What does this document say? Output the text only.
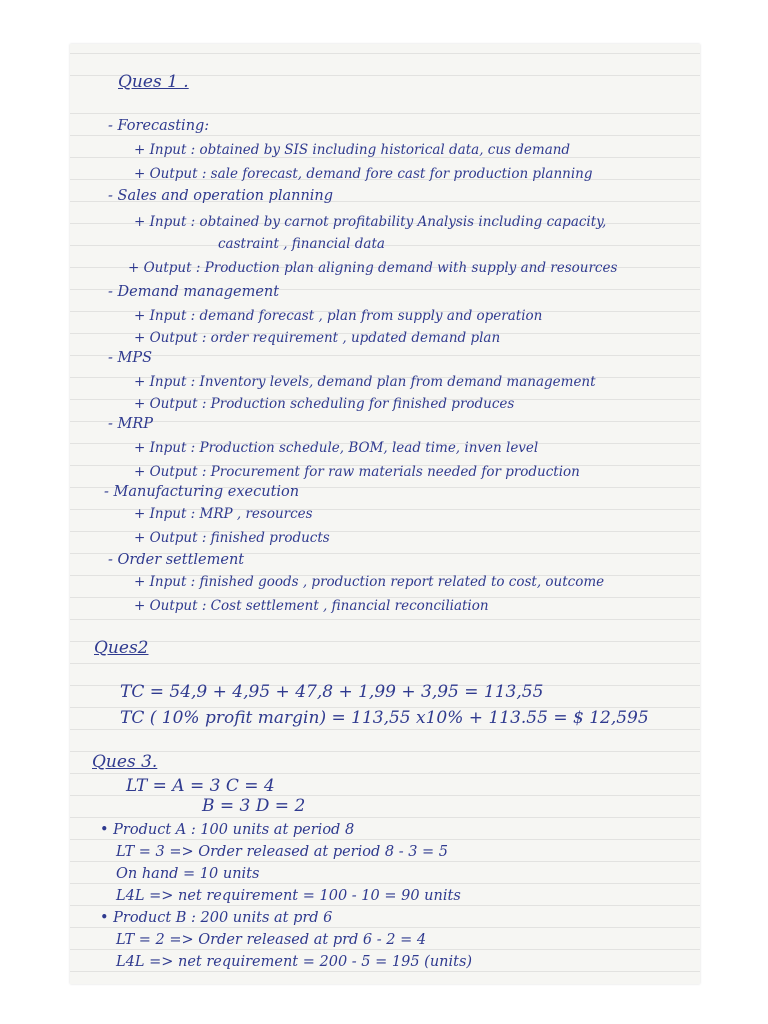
Ques 1 .
- Forecasting:
+ Input : obtained by SIS including historical data, cus demand
+ Output : sale forecast, demand fore cast for production planning
- Sales and operation planning
+ Input : obtained by carnot profitability Analysis including capacity,
castraint , financial data
+ Output : Production plan aligning demand with supply and resources
- Demand management
+ Input : demand forecast , plan from supply and operation
+ Output : order requirement , updated demand plan
- MPS
+ Input : Inventory levels, demand plan from demand management
+ Output : Production scheduling for finished produces
- MRP
+ Input : Production schedule, BOM, lead time, inven level
+ Output : Procurement for raw materials needed for production
- Manufacturing execution
+ Input : MRP , resources
+ Output : finished products
- Order settlement
+ Input : finished goods , production report related to cost, outcome
+ Output : Cost settlement , financial reconciliation
Ques2
TC = 54,9 + 4,95 + 47,8 + 1,99 + 3,95 = 113,55
TC ( 10% profit margin) = 113,55 x10% + 113.55 = $ 12,595
Ques 3.
LT = A = 3 C = 4
B = 3 D = 2
• Product A : 100 units at period 8
LT = 3 => Order released at period 8 - 3 = 5
On hand = 10 units
L4L => net requirement = 100 - 10 = 90 units
• Product B : 200 units at prd 6
LT = 2 => Order released at prd 6 - 2 = 4
L4L => net requirement = 200 - 5 = 195 (units)
